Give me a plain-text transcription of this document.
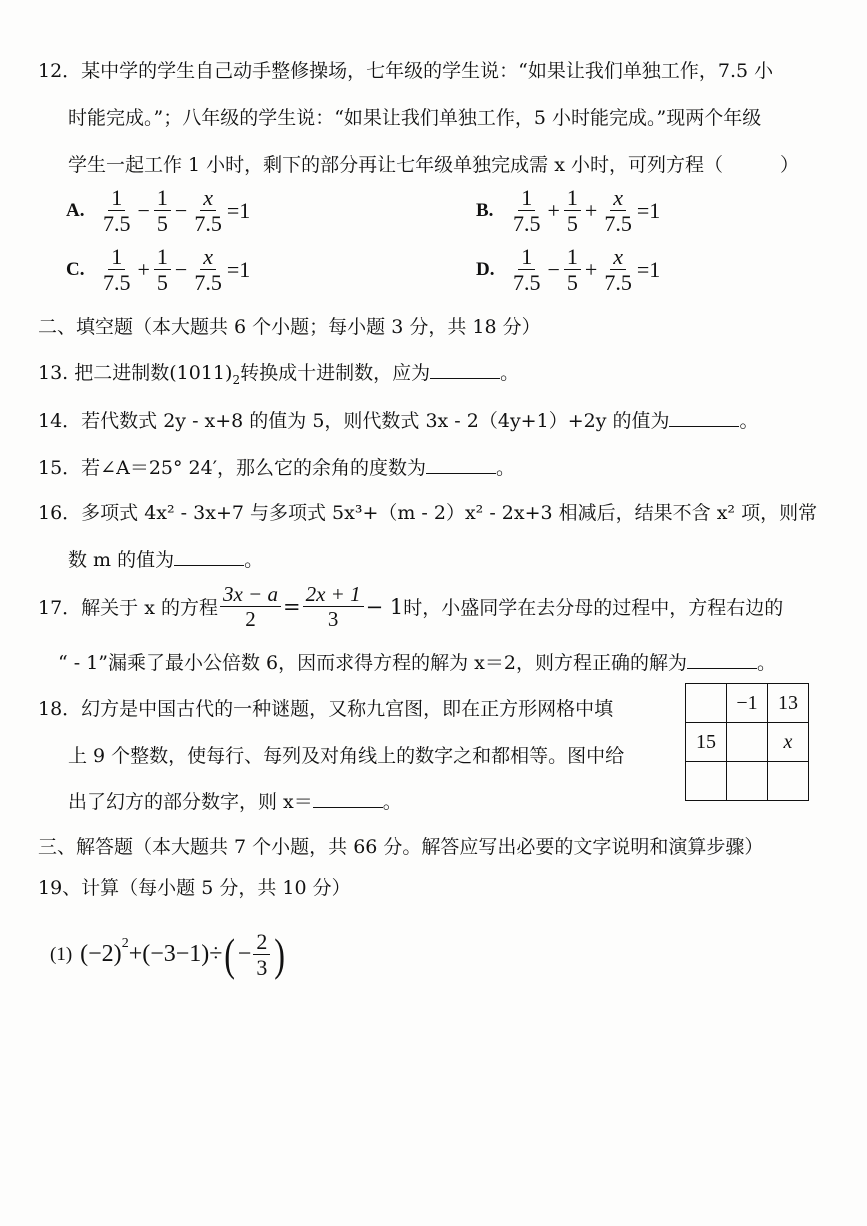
12．某中学的学生自己动手整修操场，七年级的学生说：“如果让我们单独工作，7.5 小
时能完成。”；八年级的学生说：“如果让我们单独工作，5 小时能完成。”现两个年级
学生一起工作 1 小时，剩下的部分再让七年级单独完成需 x 小时，可列方程（　　　）
A. $\frac{1}{7.5} - \frac{1}{5} - \frac{x}{7.5} =1$	B. $\frac{1}{7.5} + \frac{1}{5} + \frac{x}{7.5} =1$
C. $\frac{1}{7.5} + \frac{1}{5} - \frac{x}{7.5} =1$	D. $\frac{1}{7.5} - \frac{1}{5} + \frac{x}{7.5} =1$
二、填空题（本大题共 6 个小题；每小题 3 分，共 18 分）
13. 把二进制数$(1011)_2$转换成十进制数，应为	。
14．若代数式 2y - x+8 的值为 5，则代数式 3x - 2（4y+1）+2y 的值为	。
15．若∠A＝25° 24′，那么它的余角的度数为	。
16．多项式 4x² - 3x+7 与多项式 5x³+（m - 2）x² - 2x+3 相减后，结果不含 x² 项，则常
数 m 的值为	。
17．解关于 x 的方程 $\frac{3x - a}{2} = \frac{2x + 1}{3} - 1$ 时，小盛同学在去分母的过程中，方程右边的
“ - 1”漏乘了最小公倍数 6，因而求得方程的解为 x＝2，则方程正确的解为	。
18．幻方是中国古代的一种谜题，又称九宫图，即在正方形网格中填
上 9 个整数，使每行、每列及对角线上的数字之和都相等。图中给
出了幻方的部分数字，则 x＝	。
	−1	13
15		x

三、解答题（本大题共 7 个小题，共 66 分。解答应写出必要的文字说明和演算步骤）
19、计算（每小题 5 分，共 10 分）
(1) $(-2)^2 +(-3-1)\div$ ( − $\frac{2}{3}$ )
